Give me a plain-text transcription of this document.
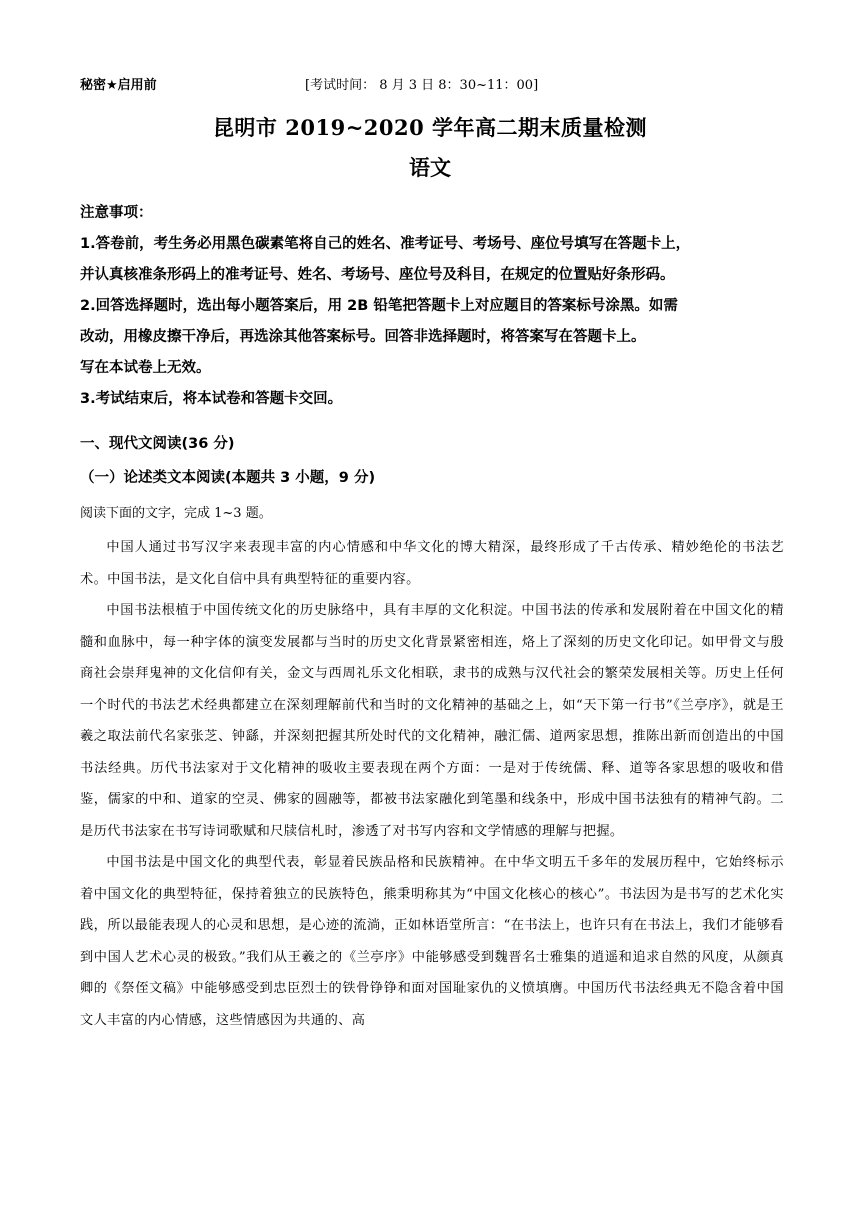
秘密★启用前	[考试时间： 8 月 3 日 8：30~11：00]
昆明市 2019~2020 学年高二期末质量检测
语文
注意事项：
1.答卷前，考生务必用黑色碳素笔将自己的姓名、准考证号、考场号、座位号填写在答题卡上，
并认真核准条形码上的准考证号、姓名、考场号、座位号及科目，在规定的位置贴好条形码。
2.回答选择题时，选出每小题答案后，用 2B 铅笔把答题卡上对应题目的答案标号涂黑。如需
改动，用橡皮擦干净后，再选涂其他答案标号。回答非选择题时，将答案写在答题卡上。
写在本试卷上无效。
3.考试结束后，将本试卷和答题卡交回。
一、现代文阅读(36 分)
（一）论述类文本阅读(本题共 3 小题，9 分)
阅读下面的文字，完成 1~3 题。

中国人通过书写汉字来表现丰富的内心情感和中华文化的博大精深，最终形成了千古传承、精妙绝伦的书法艺术。中国书法，是文化自信中具有典型特征的重要内容。

中国书法根植于中国传统文化的历史脉络中，具有丰厚的文化积淀。中国书法的传承和发展附着在中国文化的精髓和血脉中，每一种字体的演变发展都与当时的历史文化背景紧密相连，烙上了深刻的历史文化印记。如甲骨文与殷商社会崇拜鬼神的文化信仰有关，金文与西周礼乐文化相联，隶书的成熟与汉代社会的繁荣发展相关等。历史上任何一个时代的书法艺术经典都建立在深刻理解前代和当时的文化精神的基础之上，如“天下第一行书”《兰亭序》，就是王羲之取法前代名家张芝、钟繇，并深刻把握其所处时代的文化精神，融汇儒、道两家思想，推陈出新而创造出的中国书法经典。历代书法家对于文化精神的吸收主要表现在两个方面：一是对于传统儒、释、道等各家思想的吸收和借鉴，儒家的中和、道家的空灵、佛家的圆融等，都被书法家融化到笔墨和线条中，形成中国书法独有的精神气韵。二是历代书法家在书写诗词歌赋和尺牍信札时，渗透了对书写内容和文学情感的理解与把握。

中国书法是中国文化的典型代表，彰显着民族品格和民族精神。在中华文明五千多年的发展历程中，它始终标示着中国文化的典型特征，保持着独立的民族特色，熊秉明称其为“中国文化核心的核心”。书法因为是书写的艺术化实践，所以最能表现人的心灵和思想，是心迹的流淌，正如林语堂所言：“在书法上，也许只有在书法上，我们才能够看到中国人艺术心灵的极致。”我们从王羲之的《兰亭序》中能够感受到魏晋名士雅集的逍遥和追求自然的风度，从颜真卿的《祭侄文稿》中能够感受到忠臣烈士的铁骨铮铮和面对国耻家仇的义愤填膺。中国历代书法经典无不隐含着中国文人丰富的内心情感，这些情感因为共通的、高
